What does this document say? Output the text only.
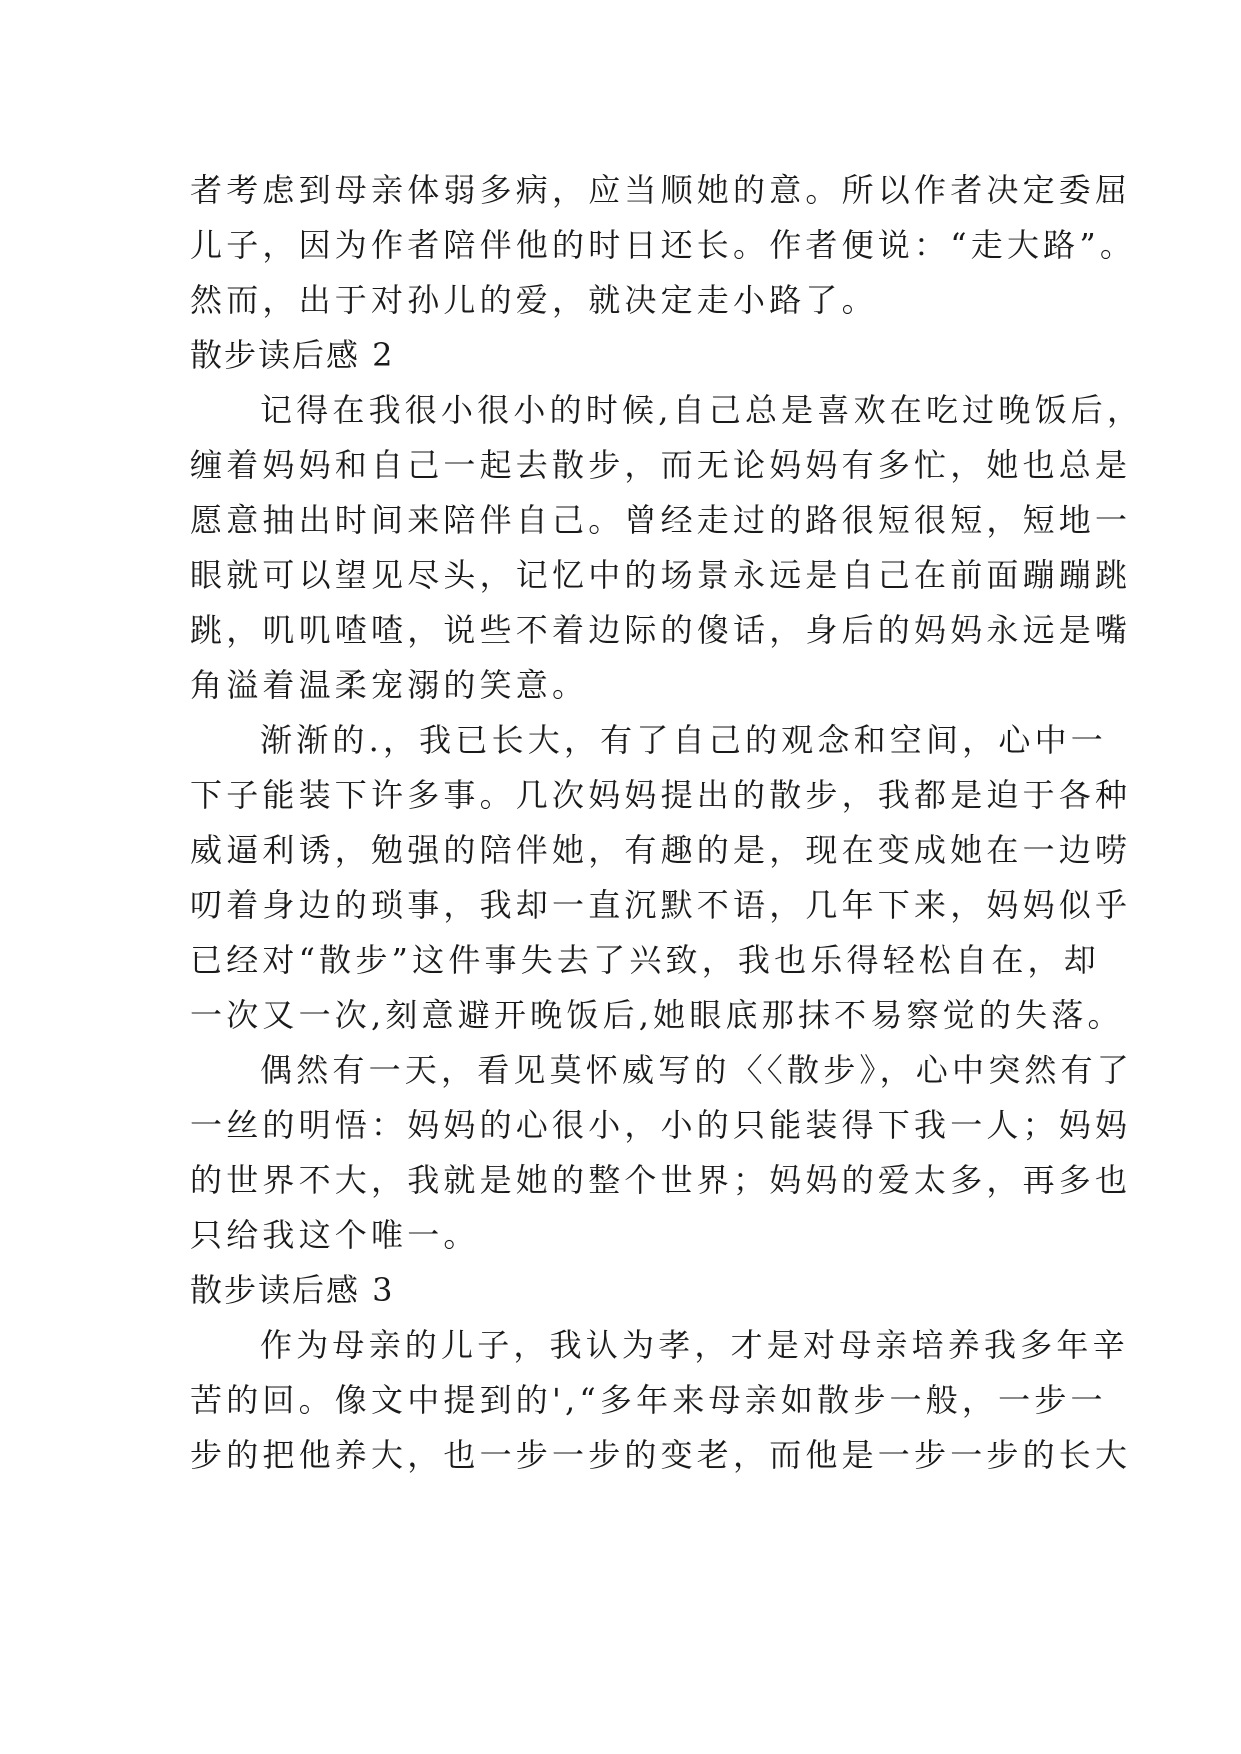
者考虑到母亲体弱多病，应当顺她的意。所以作者决定委屈
儿子，因为作者陪伴他的时日还长。作者便说：“走大路”。
然而，出于对孙儿的爱，就决定走小路了。
散步读后感 2
记得在我很小很小的时候,自己总是喜欢在吃过晚饭后，
缠着妈妈和自己一起去散步，而无论妈妈有多忙，她也总是
愿意抽出时间来陪伴自己。曾经走过的路很短很短，短地一
眼就可以望见尽头，记忆中的场景永远是自己在前面蹦蹦跳
跳，叽叽喳喳，说些不着边际的傻话，身后的妈妈永远是嘴
角溢着温柔宠溺的笑意。
渐渐的.，我已长大，有了自己的观念和空间，心中一
下子能装下许多事。几次妈妈提出的散步，我都是迫于各种
威逼利诱，勉强的陪伴她，有趣的是，现在变成她在一边唠
叨着身边的琐事，我却一直沉默不语，几年下来，妈妈似乎
已经对“散步”这件事失去了兴致，我也乐得轻松自在，却
一次又一次,刻意避开晚饭后,她眼底那抹不易察觉的失落。
偶然有一天，看见莫怀威写的〈〈散步》，心中突然有了
一丝的明悟：妈妈的心很小，小的只能装得下我一人；妈妈
的世界不大，我就是她的整个世界；妈妈的爱太多，再多也
只给我这个唯一。
散步读后感 3
作为母亲的儿子，我认为孝，才是对母亲培养我多年辛
苦的回。像文中提到的',“多年来母亲如散步一般，一步一
步的把他养大，也一步一步的变老，而他是一步一步的长大
